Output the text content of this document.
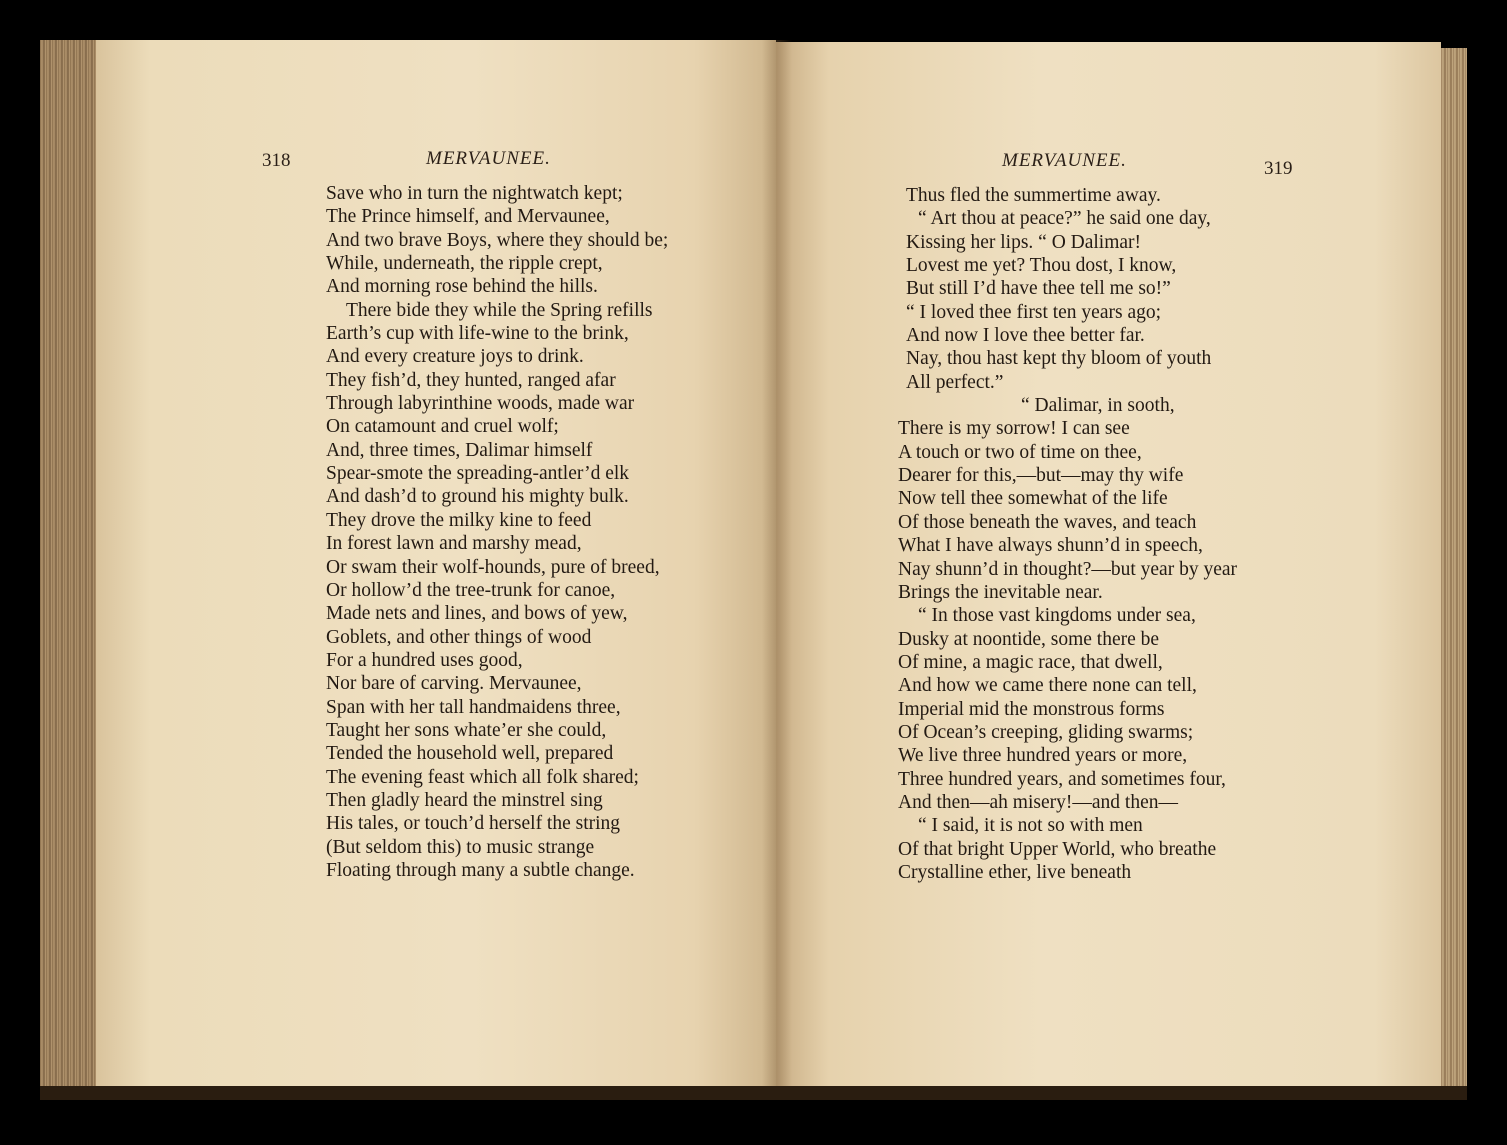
318	MERVAUNEE.	MERVAUNEE.	319
Save who in turn the nightwatch kept;
The Prince himself, and Mervaunee,
And two brave Boys, where they should be;
While, underneath, the ripple crept,
And morning rose behind the hills.
There bide they while the Spring refills
Earth’s cup with life-wine to the brink,
And every creature joys to drink.
They fish’d, they hunted, ranged afar
Through labyrinthine woods, made war
On catamount and cruel wolf;
And, three times, Dalimar himself
Spear-smote the spreading-antler’d elk
And dash’d to ground his mighty bulk.
They drove the milky kine to feed
In forest lawn and marshy mead,
Or swam their wolf-hounds, pure of breed,
Or hollow’d the tree-trunk for canoe,
Made nets and lines, and bows of yew,
Goblets, and other things of wood
For a hundred uses good,
Nor bare of carving. Mervaunee,
Span with her tall handmaidens three,
Taught her sons whate’er she could,
Tended the household well, prepared
The evening feast which all folk shared;
Then gladly heard the minstrel sing
His tales, or touch’d herself the string
(But seldom this) to music strange
Floating through many a subtle change.
Thus fled the summertime away.
“ Art thou at peace?” he said one day,
Kissing her lips. “ O Dalimar!
Lovest me yet? Thou dost, I know,
But still I’d have thee tell me so!”
“ I loved thee first ten years ago;
And now I love thee better far.
Nay, thou hast kept thy bloom of youth
All perfect.”
“ Dalimar, in sooth,
There is my sorrow! I can see
A touch or two of time on thee,
Dearer for this,—but—may thy wife
Now tell thee somewhat of the life
Of those beneath the waves, and teach
What I have always shunn’d in speech,
Nay shunn’d in thought?—but year by year
Brings the inevitable near.
“ In those vast kingdoms under sea,
Dusky at noontide, some there be
Of mine, a magic race, that dwell,
And how we came there none can tell,
Imperial mid the monstrous forms
Of Ocean’s creeping, gliding swarms;
We live three hundred years or more,
Three hundred years, and sometimes four,
And then—ah misery!—and then—
“ I said, it is not so with men
Of that bright Upper World, who breathe
Crystalline ether, live beneath
